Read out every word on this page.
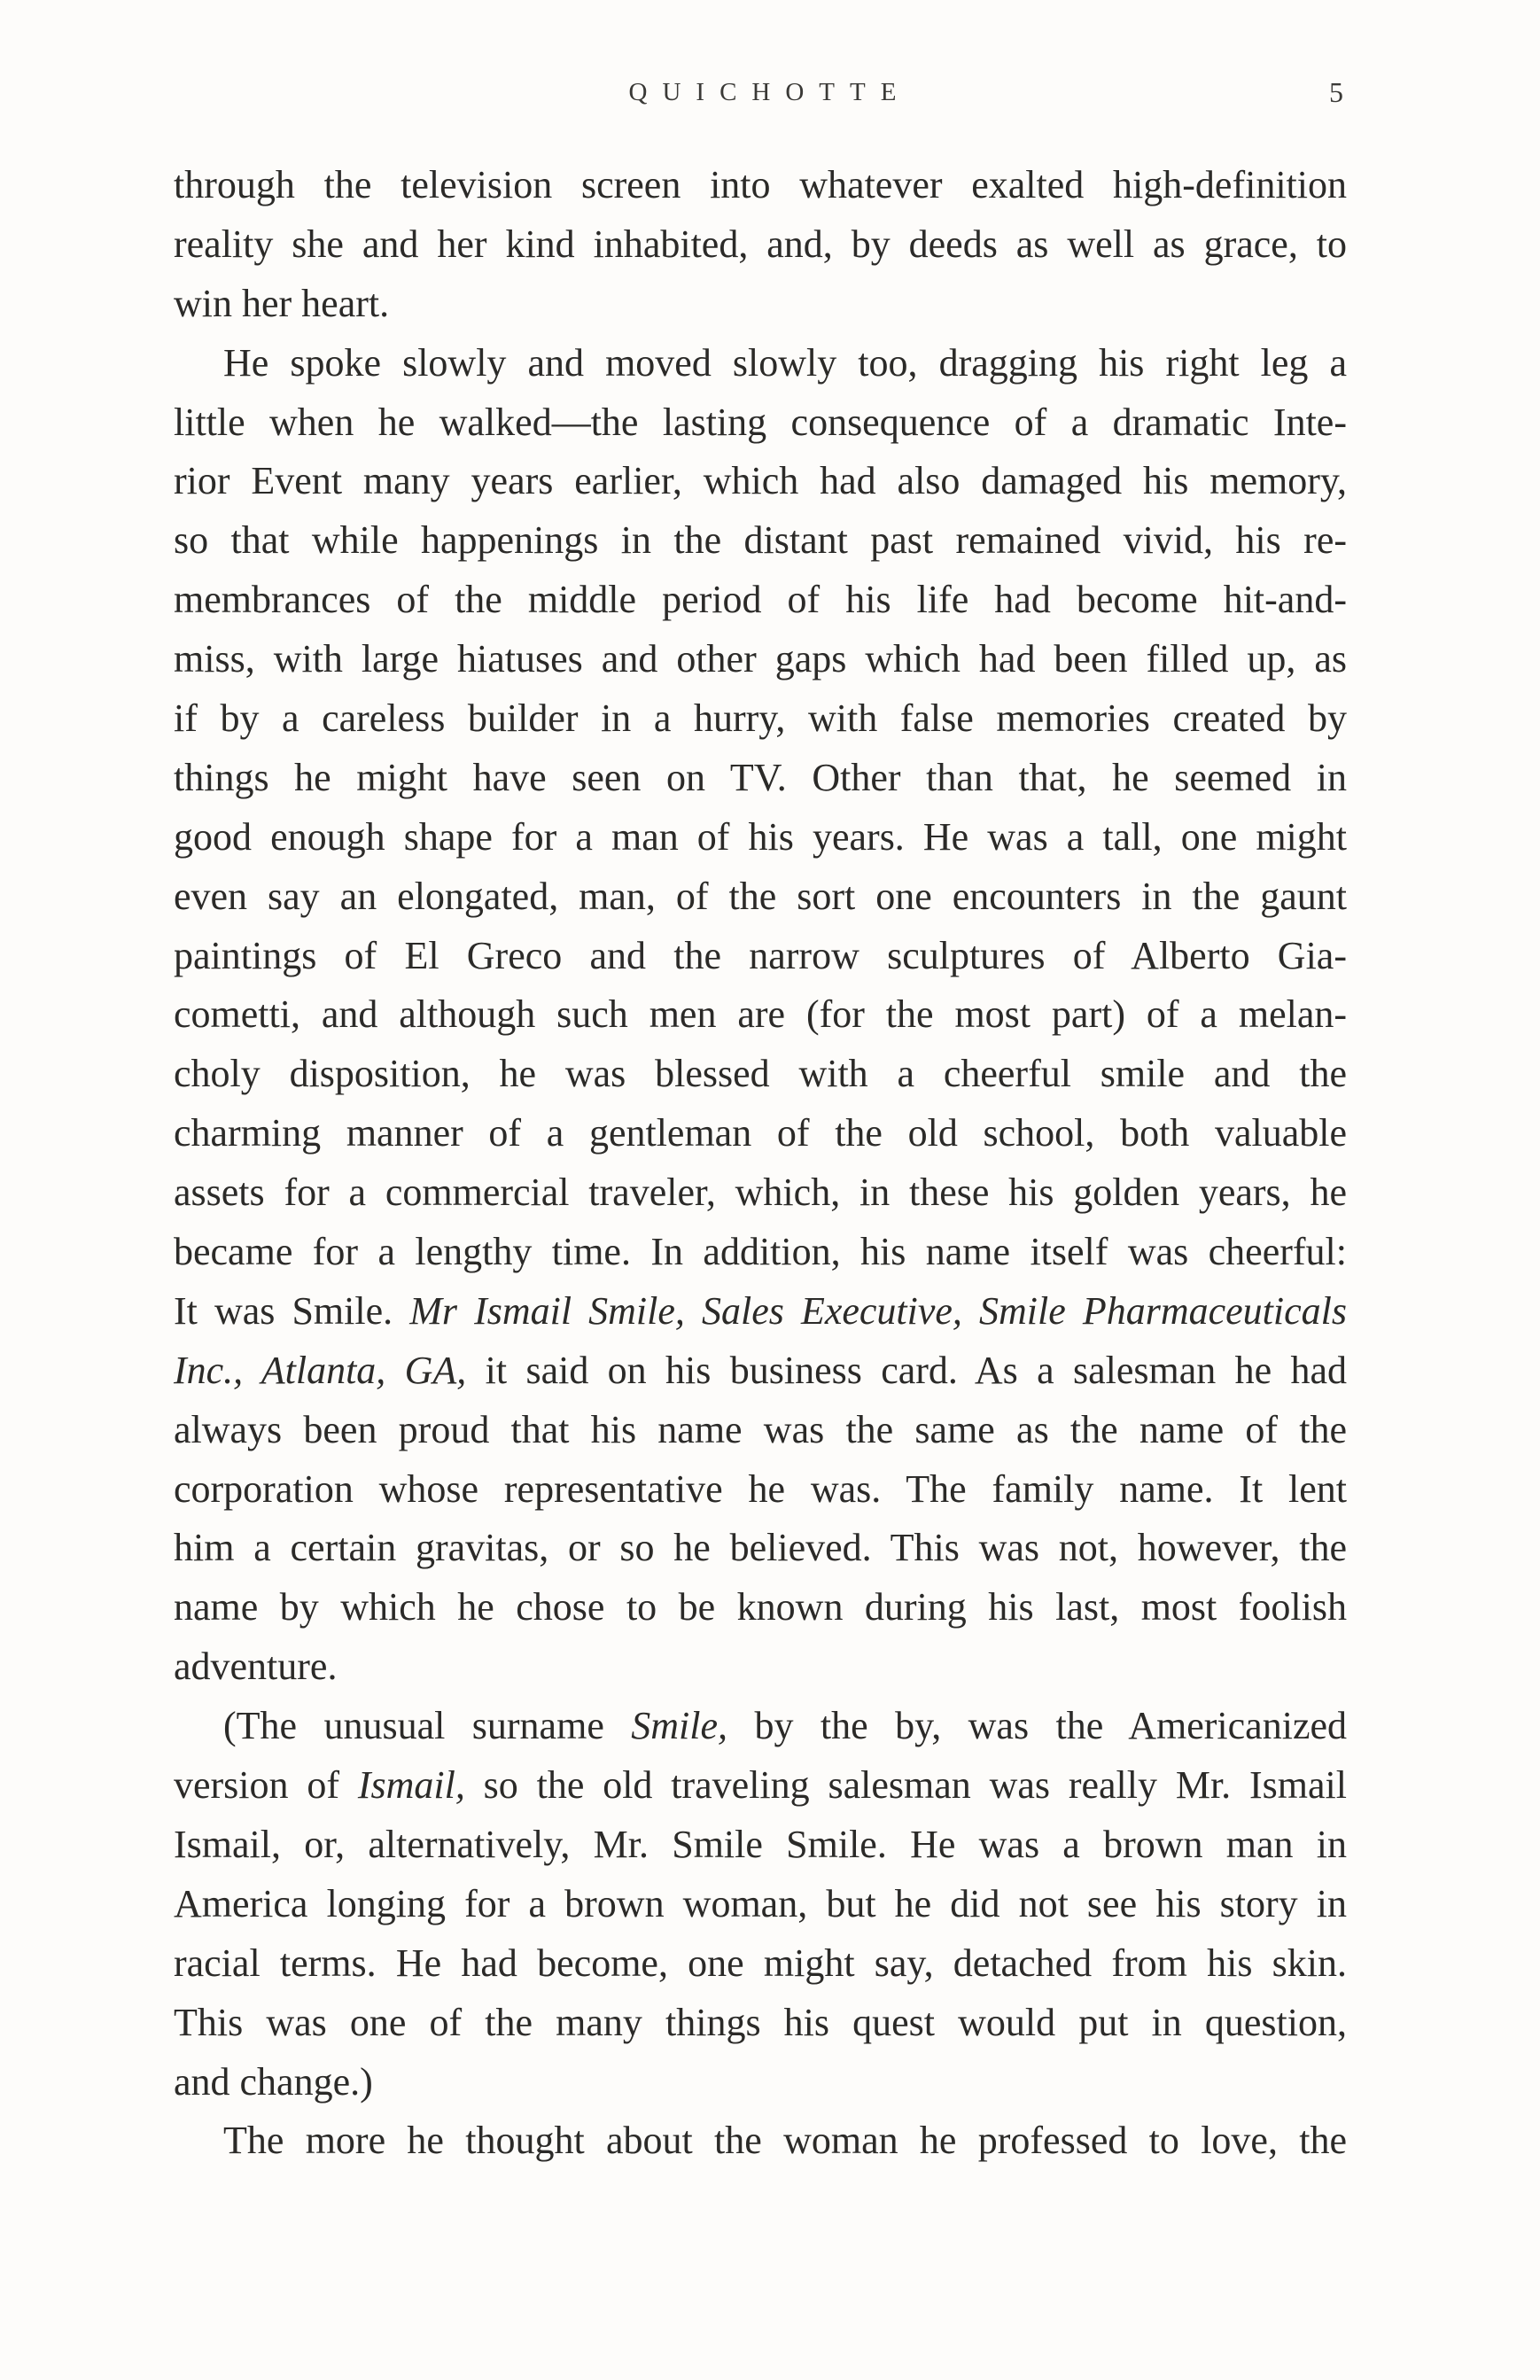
QUICHOTTE	5
through the television screen into whatever exalted high-definition
reality she and her kind inhabited, and, by deeds as well as grace, to
win her heart.
He spoke slowly and moved slowly too, dragging his right leg a
little when he walked—the lasting consequence of a dramatic Inte-
rior Event many years earlier, which had also damaged his memory,
so that while happenings in the distant past remained vivid, his re-
membrances of the middle period of his life had become hit-and-
miss, with large hiatuses and other gaps which had been filled up, as
if by a careless builder in a hurry, with false memories created by
things he might have seen on TV. Other than that, he seemed in
good enough shape for a man of his years. He was a tall, one might
even say an elongated, man, of the sort one encounters in the gaunt
paintings of El Greco and the narrow sculptures of Alberto Gia-
cometti, and although such men are (for the most part) of a melan-
choly disposition, he was blessed with a cheerful smile and the
charming manner of a gentleman of the old school, both valuable
assets for a commercial traveler, which, in these his golden years, he
became for a lengthy time. In addition, his name itself was cheerful:
It was Smile. Mr Ismail Smile, Sales Executive, Smile Pharmaceuticals
Inc., Atlanta, GA, it said on his business card. As a salesman he had
always been proud that his name was the same as the name of the
corporation whose representative he was. The family name. It lent
him a certain gravitas, or so he believed. This was not, however, the
name by which he chose to be known during his last, most foolish
adventure.
(The unusual surname Smile, by the by, was the Americanized
version of Ismail, so the old traveling salesman was really Mr. Ismail
Ismail, or, alternatively, Mr. Smile Smile. He was a brown man in
America longing for a brown woman, but he did not see his story in
racial terms. He had become, one might say, detached from his skin.
This was one of the many things his quest would put in question,
and change.)
The more he thought about the woman he professed to love, the
